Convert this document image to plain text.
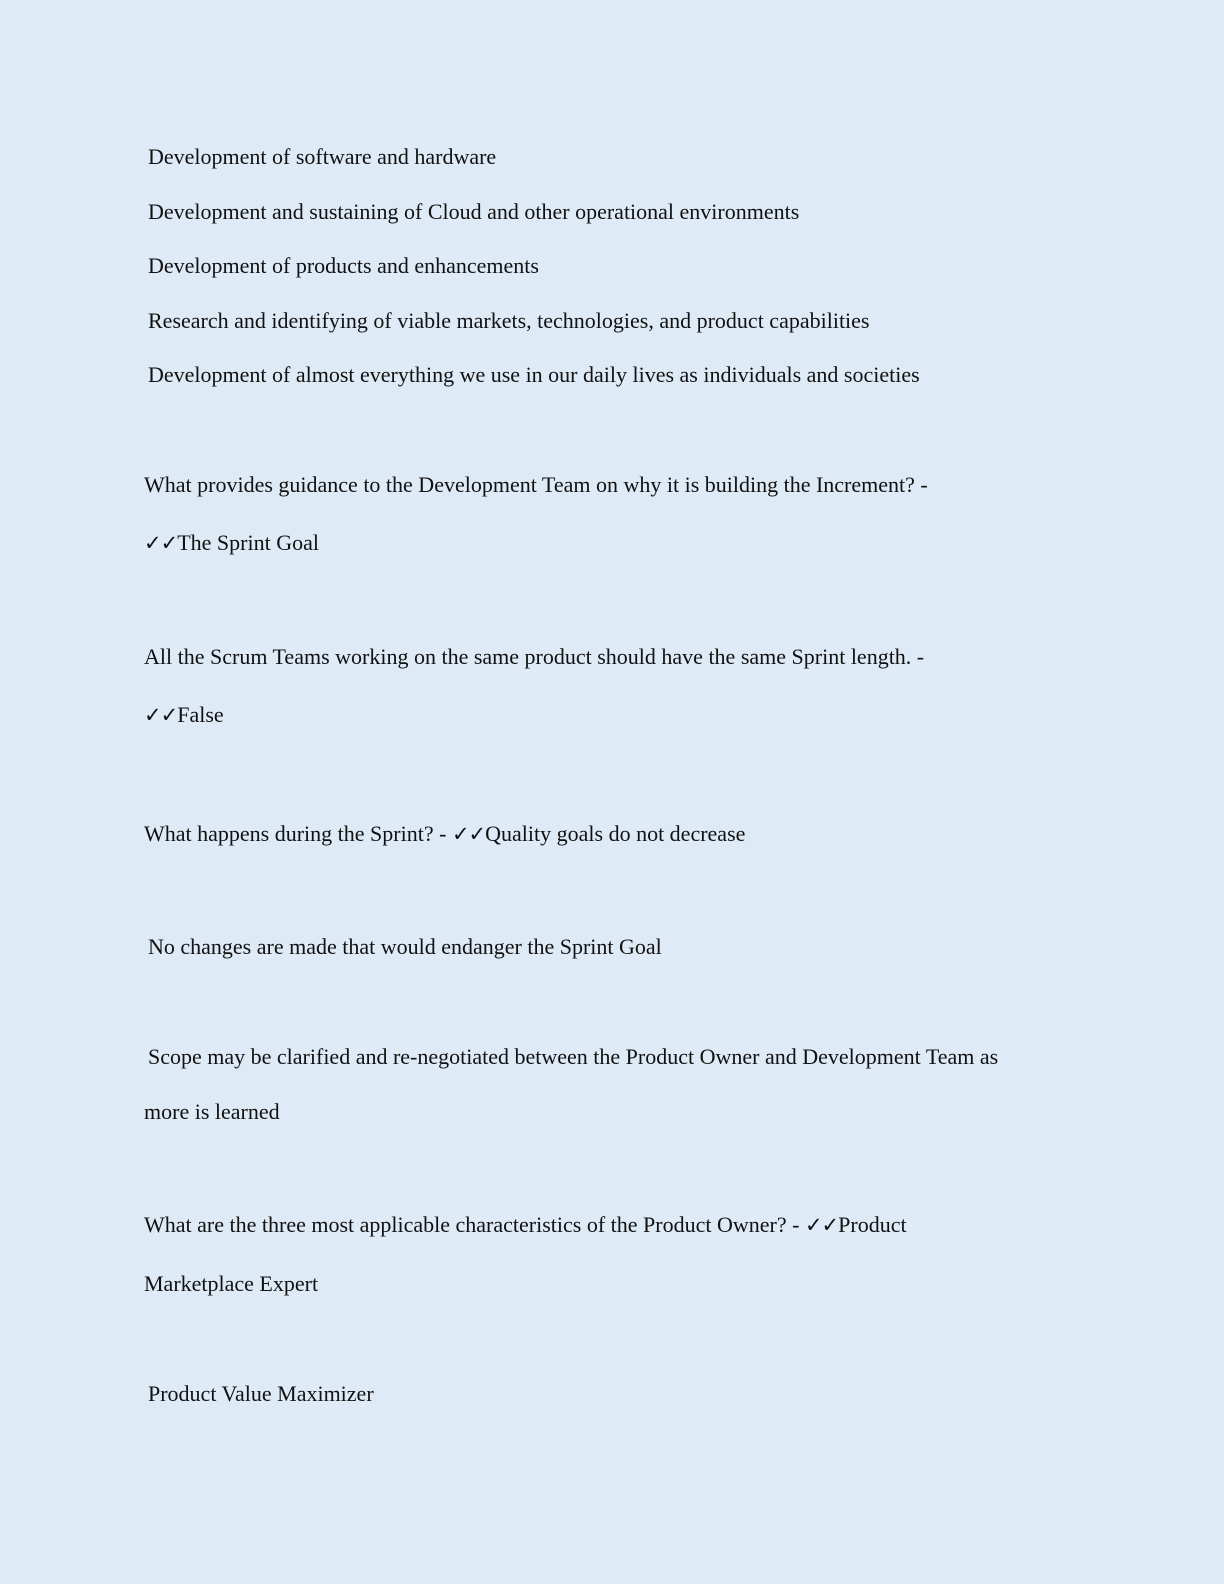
Development of software and hardware
Development and sustaining of Cloud and other operational environments
Development of products and enhancements
Research and identifying of viable markets, technologies, and product capabilities
Development of almost everything we use in our daily lives as individuals and societies
What provides guidance to the Development Team on why it is building the Increment? -
✓✓The Sprint Goal
All the Scrum Teams working on the same product should have the same Sprint length. -
✓✓False
What happens during the Sprint? - ✓✓Quality goals do not decrease
No changes are made that would endanger the Sprint Goal
Scope may be clarified and re-negotiated between the Product Owner and Development Team as
more is learned
What are the three most applicable characteristics of the Product Owner? - ✓✓Product
Marketplace Expert
Product Value Maximizer
